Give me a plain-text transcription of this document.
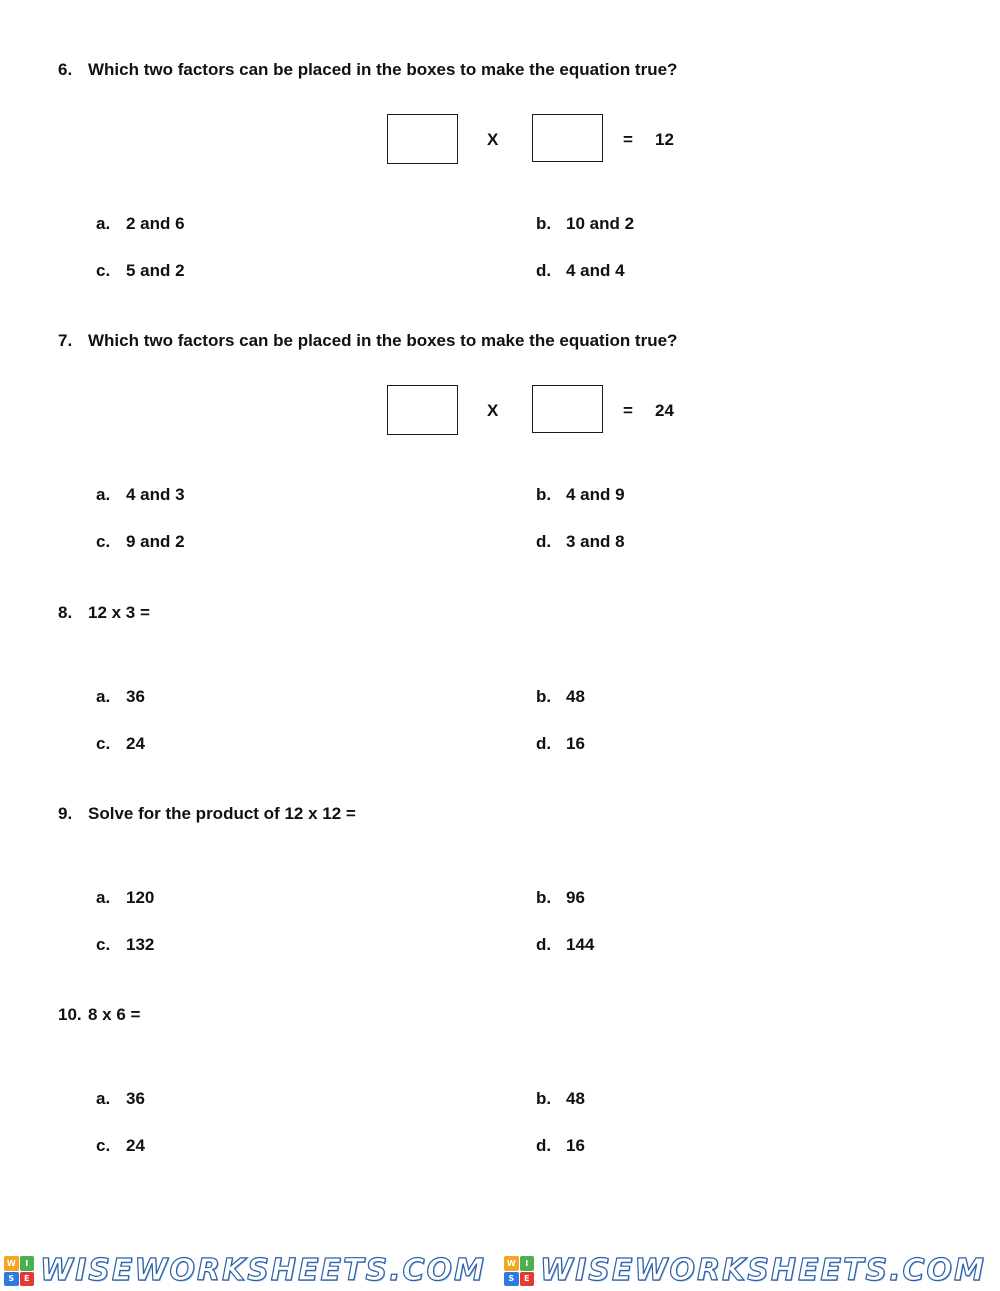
6. Which two factors can be placed in the boxes to make the equation true?
X	= 12
a. 2 and 6	b. 10 and 2
c. 5 and 2	d. 4 and 4
7. Which two factors can be placed in the boxes to make the equation true?
X	= 24
a. 4 and 3	b. 4 and 9
c. 9 and 2	d. 3 and 8
8. 12 x 3 =
a. 36	b. 48
c. 24	d. 16
9. Solve for the product of 12 x 12 =
a. 120	b. 96
c. 132	d. 144
10. 8 x 6 =
a. 36	b. 48
c. 24	d. 16
W	I
S	E WISEWORKSHEETS.COM	W	I
S	E WISEWORKSHEETS.COM
